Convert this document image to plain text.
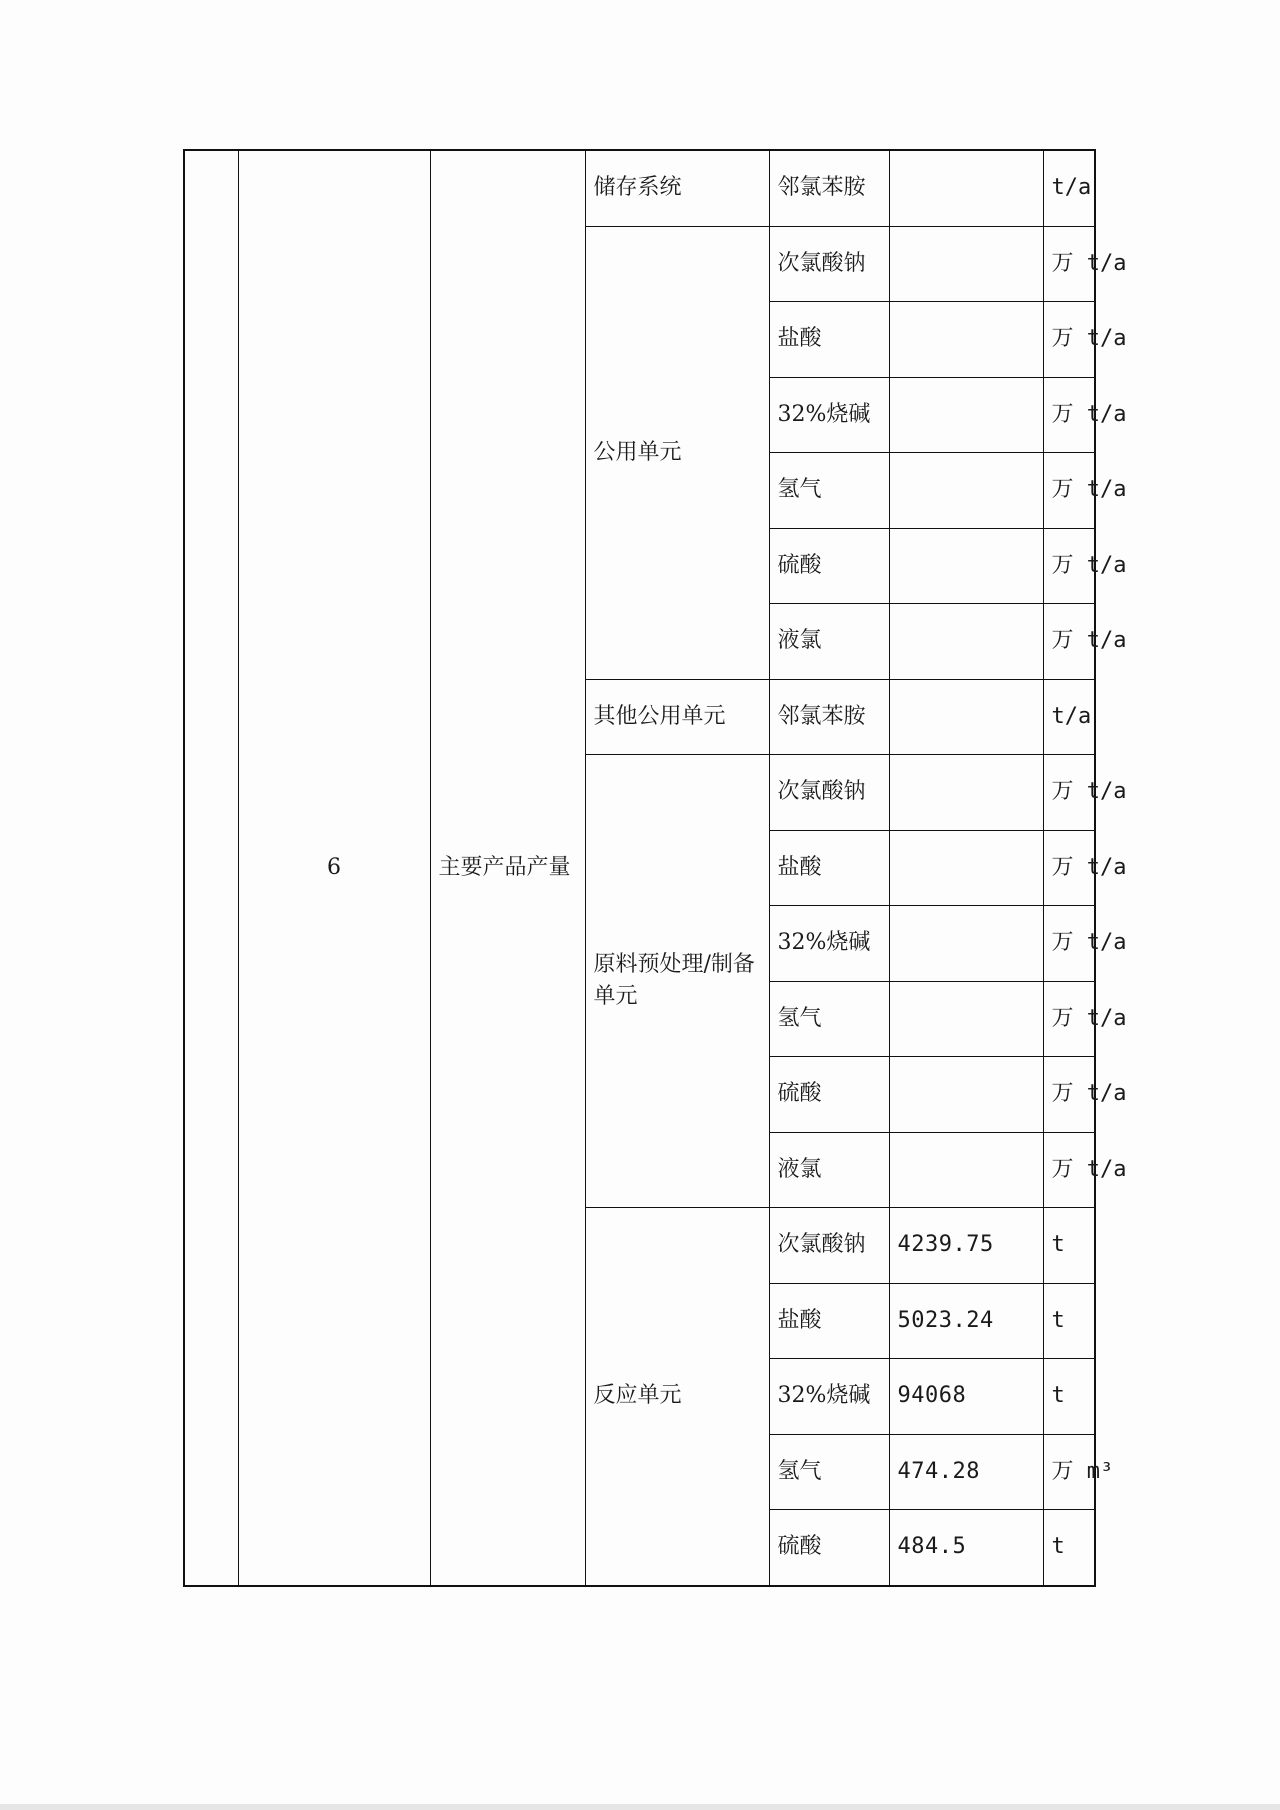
	6	主要产品产量	储存系统	邻氯苯胺		t/a	

			公用单元	次氯酸钠		万 t/a	
				盐酸		万 t/a	
				32%烧碱		万 t/a	
				氢气		万 t/a	
				硫酸		万 t/a	
				液氯		万 t/a	

			其他公用单元	邻氯苯胺		t/a	

			原料预处理/制备单元	次氯酸钠		万 t/a	
				盐酸		万 t/a	
				32%烧碱		万 t/a	
				氢气		万 t/a	
				硫酸		万 t/a	
				液氯		万 t/a	

			反应单元	次氯酸钠	4239.75	t	
				盐酸	5023.24	t	
				32%烧碱	94068	t	
				氢气	474.28	万 m³	
				硫酸	484.5	t	
